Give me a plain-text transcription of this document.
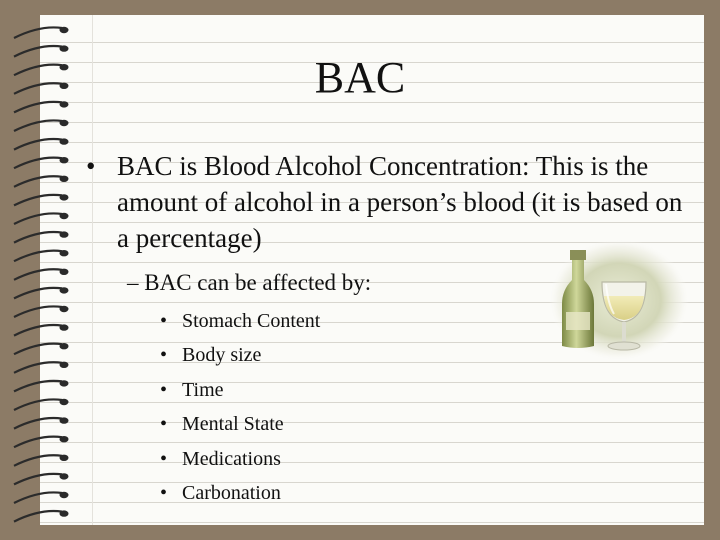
BAC
• BAC is Blood Alcohol Concentration: This is the amount of alcohol in a person’s blood (it is based on a percentage)
– BAC can be affected by:
• Stomach Content
• Body size
• Time
• Mental State
• Medications
• Carbonation
